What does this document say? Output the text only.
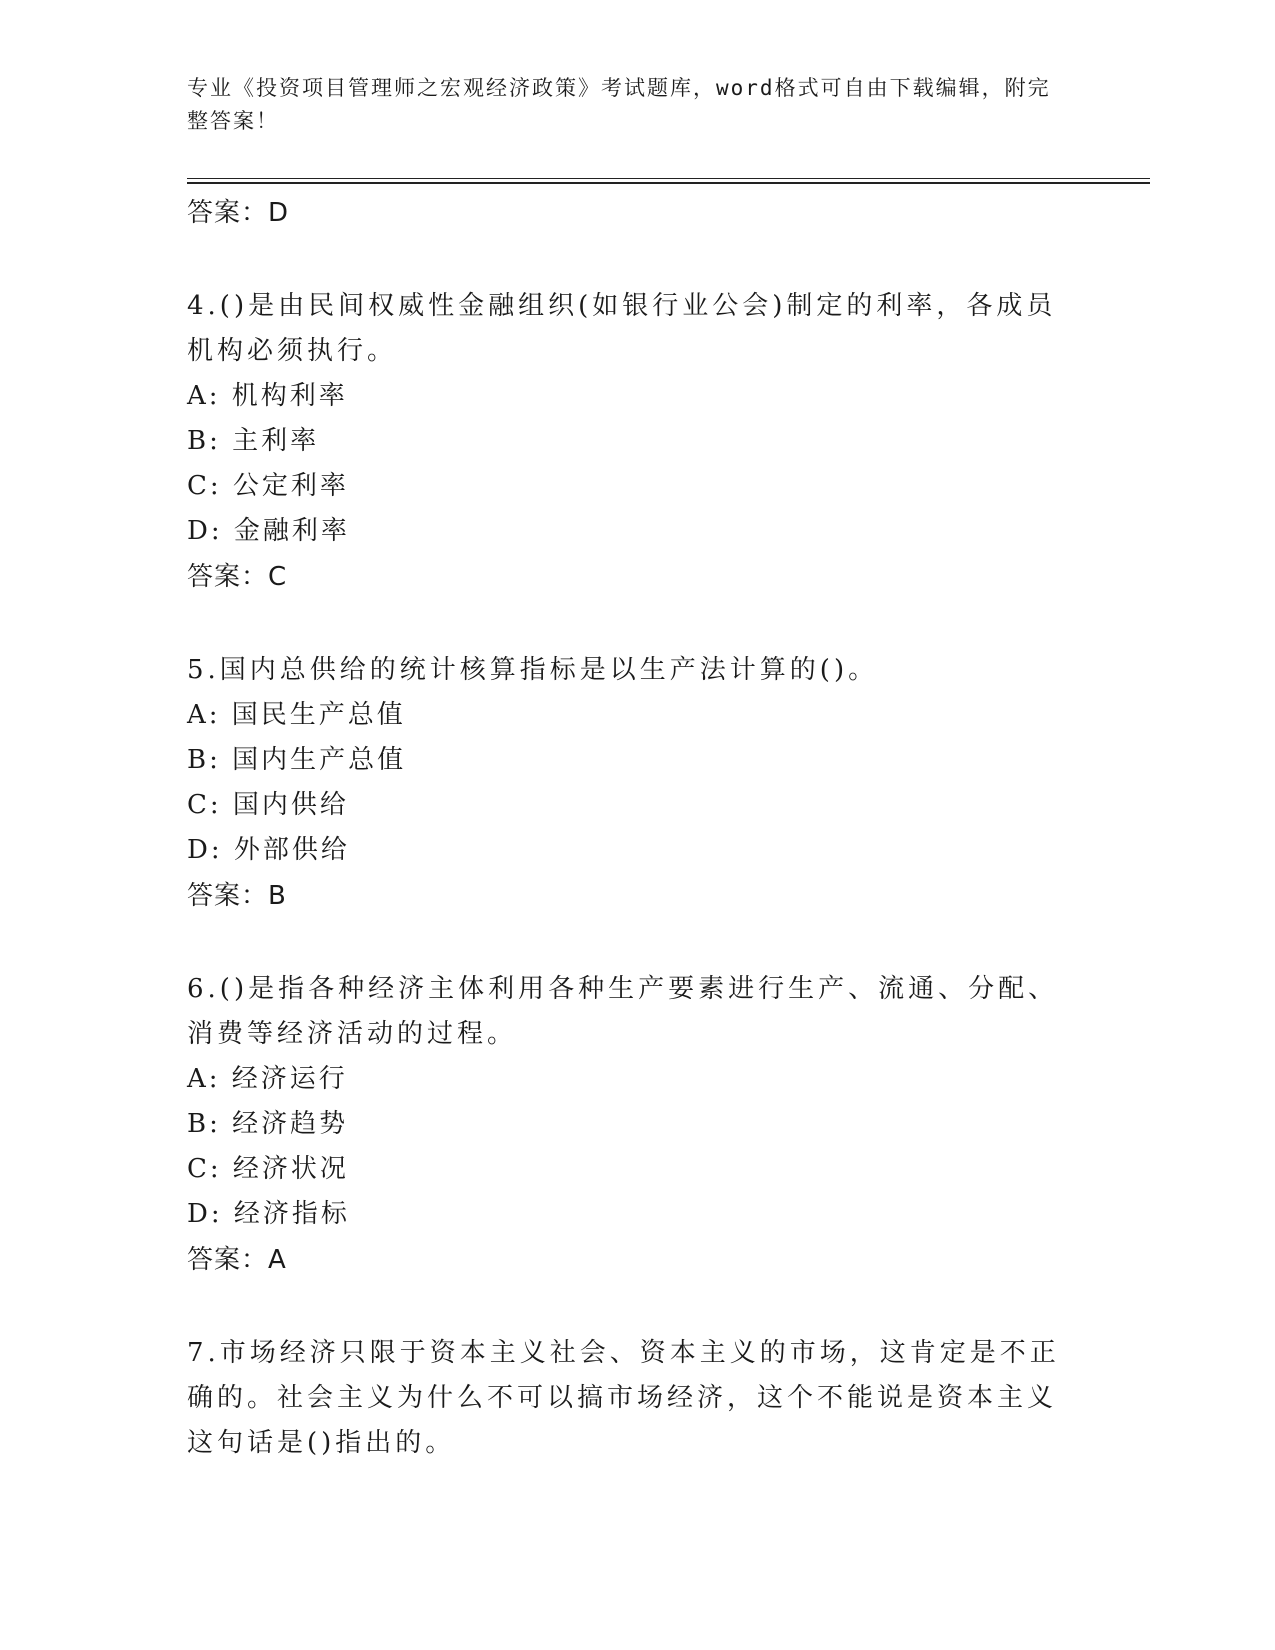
专业《投资项目管理师之宏观经济政策》考试题库，word格式可自由下载编辑，附完整答案！
答案：D
4.()是由民间权威性金融组织(如银行业公会)制定的利率，各成员机构必须执行。
A: 机构利率
B: 主利率
C: 公定利率
D: 金融利率
答案：C
5.国内总供给的统计核算指标是以生产法计算的()。
A: 国民生产总值
B: 国内生产总值
C: 国内供给
D: 外部供给
答案：B
6.()是指各种经济主体利用各种生产要素进行生产、流通、分配、消费等经济活动的过程。
A: 经济运行
B: 经济趋势
C: 经济状况
D: 经济指标
答案：A
7.市场经济只限于资本主义社会、资本主义的市场，这肯定是不正确的。社会主义为什么不可以搞市场经济，这个不能说是资本主义这句话是()指出的。
